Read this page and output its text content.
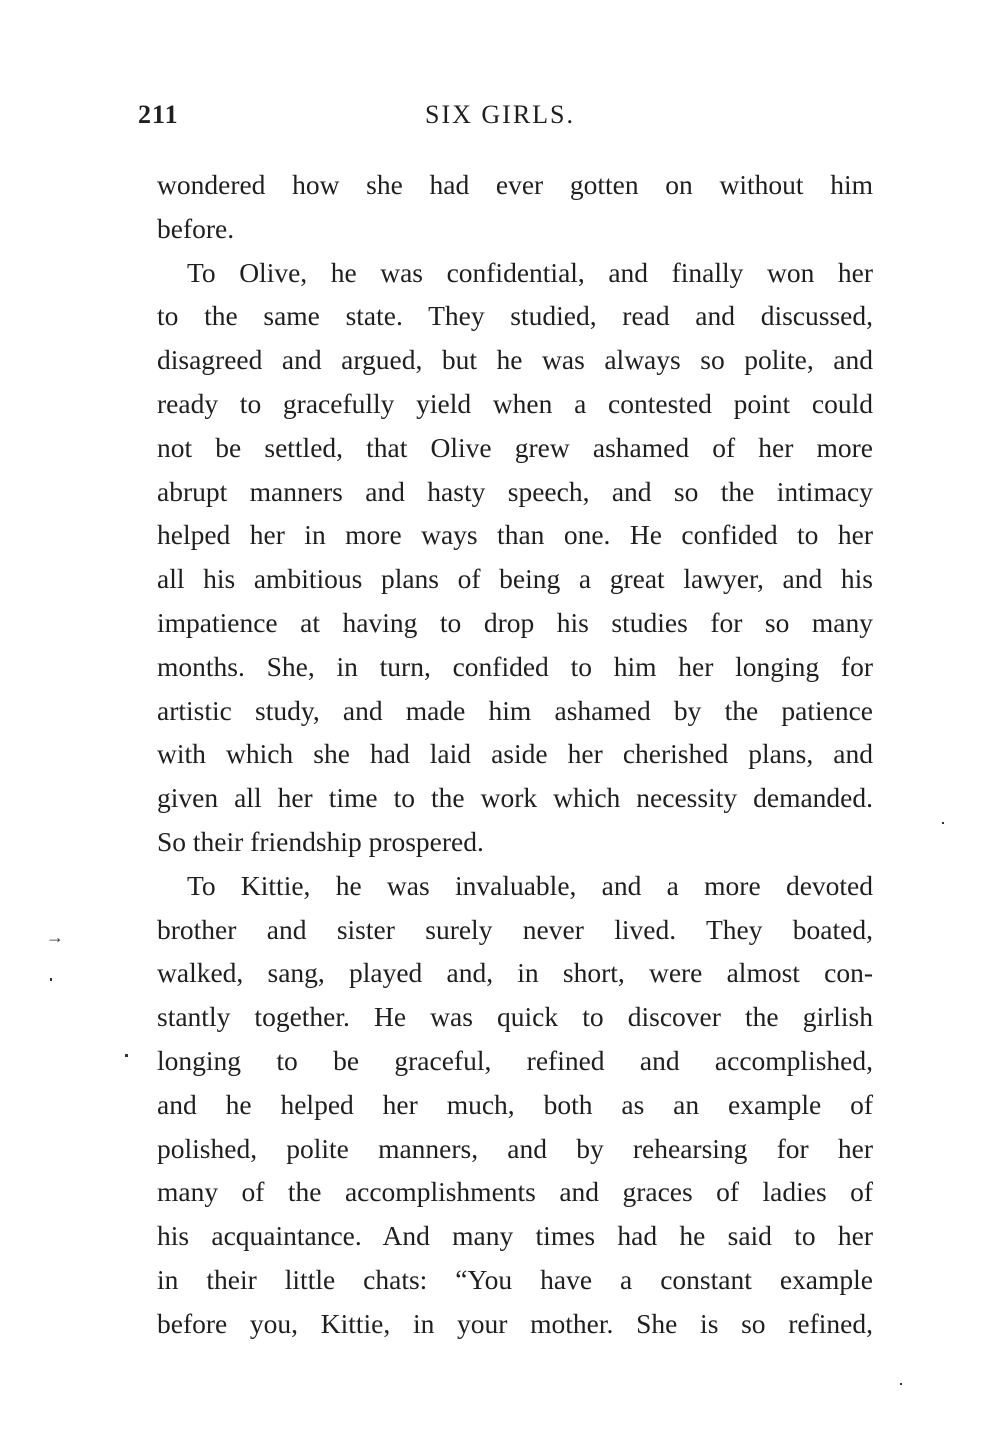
211	SIX GIRLS.

wondered how she had ever gotten on without him

before.

To Olive, he was confidential, and finally won her

to the same state. They studied, read and discussed,

disagreed and argued, but he was always so polite, and

ready to gracefully yield when a contested point could

not be settled, that Olive grew ashamed of her more

abrupt manners and hasty speech, and so the intimacy

helped her in more ways than one. He confided to her

all his ambitious plans of being a great lawyer, and his

impatience at having to drop his studies for so many

months. She, in turn, confided to him her longing for

artistic study, and made him ashamed by the patience

with which she had laid aside her cherished plans, and

given all her time to the work which necessity demanded.

So their friendship prospered.

To Kittie, he was invaluable, and a more devoted

brother and sister surely never lived. They boated,

walked, sang, played and, in short, were almost con-

stantly together. He was quick to discover the girlish

longing to be graceful, refined and accomplished,

and he helped her much, both as an example of

polished, polite manners, and by rehearsing for her

many of the accomplishments and graces of ladies of

his acquaintance. And many times had he said to her

in their little chats: “You have a constant example

before you, Kittie, in your mother. She is so refined,

→
